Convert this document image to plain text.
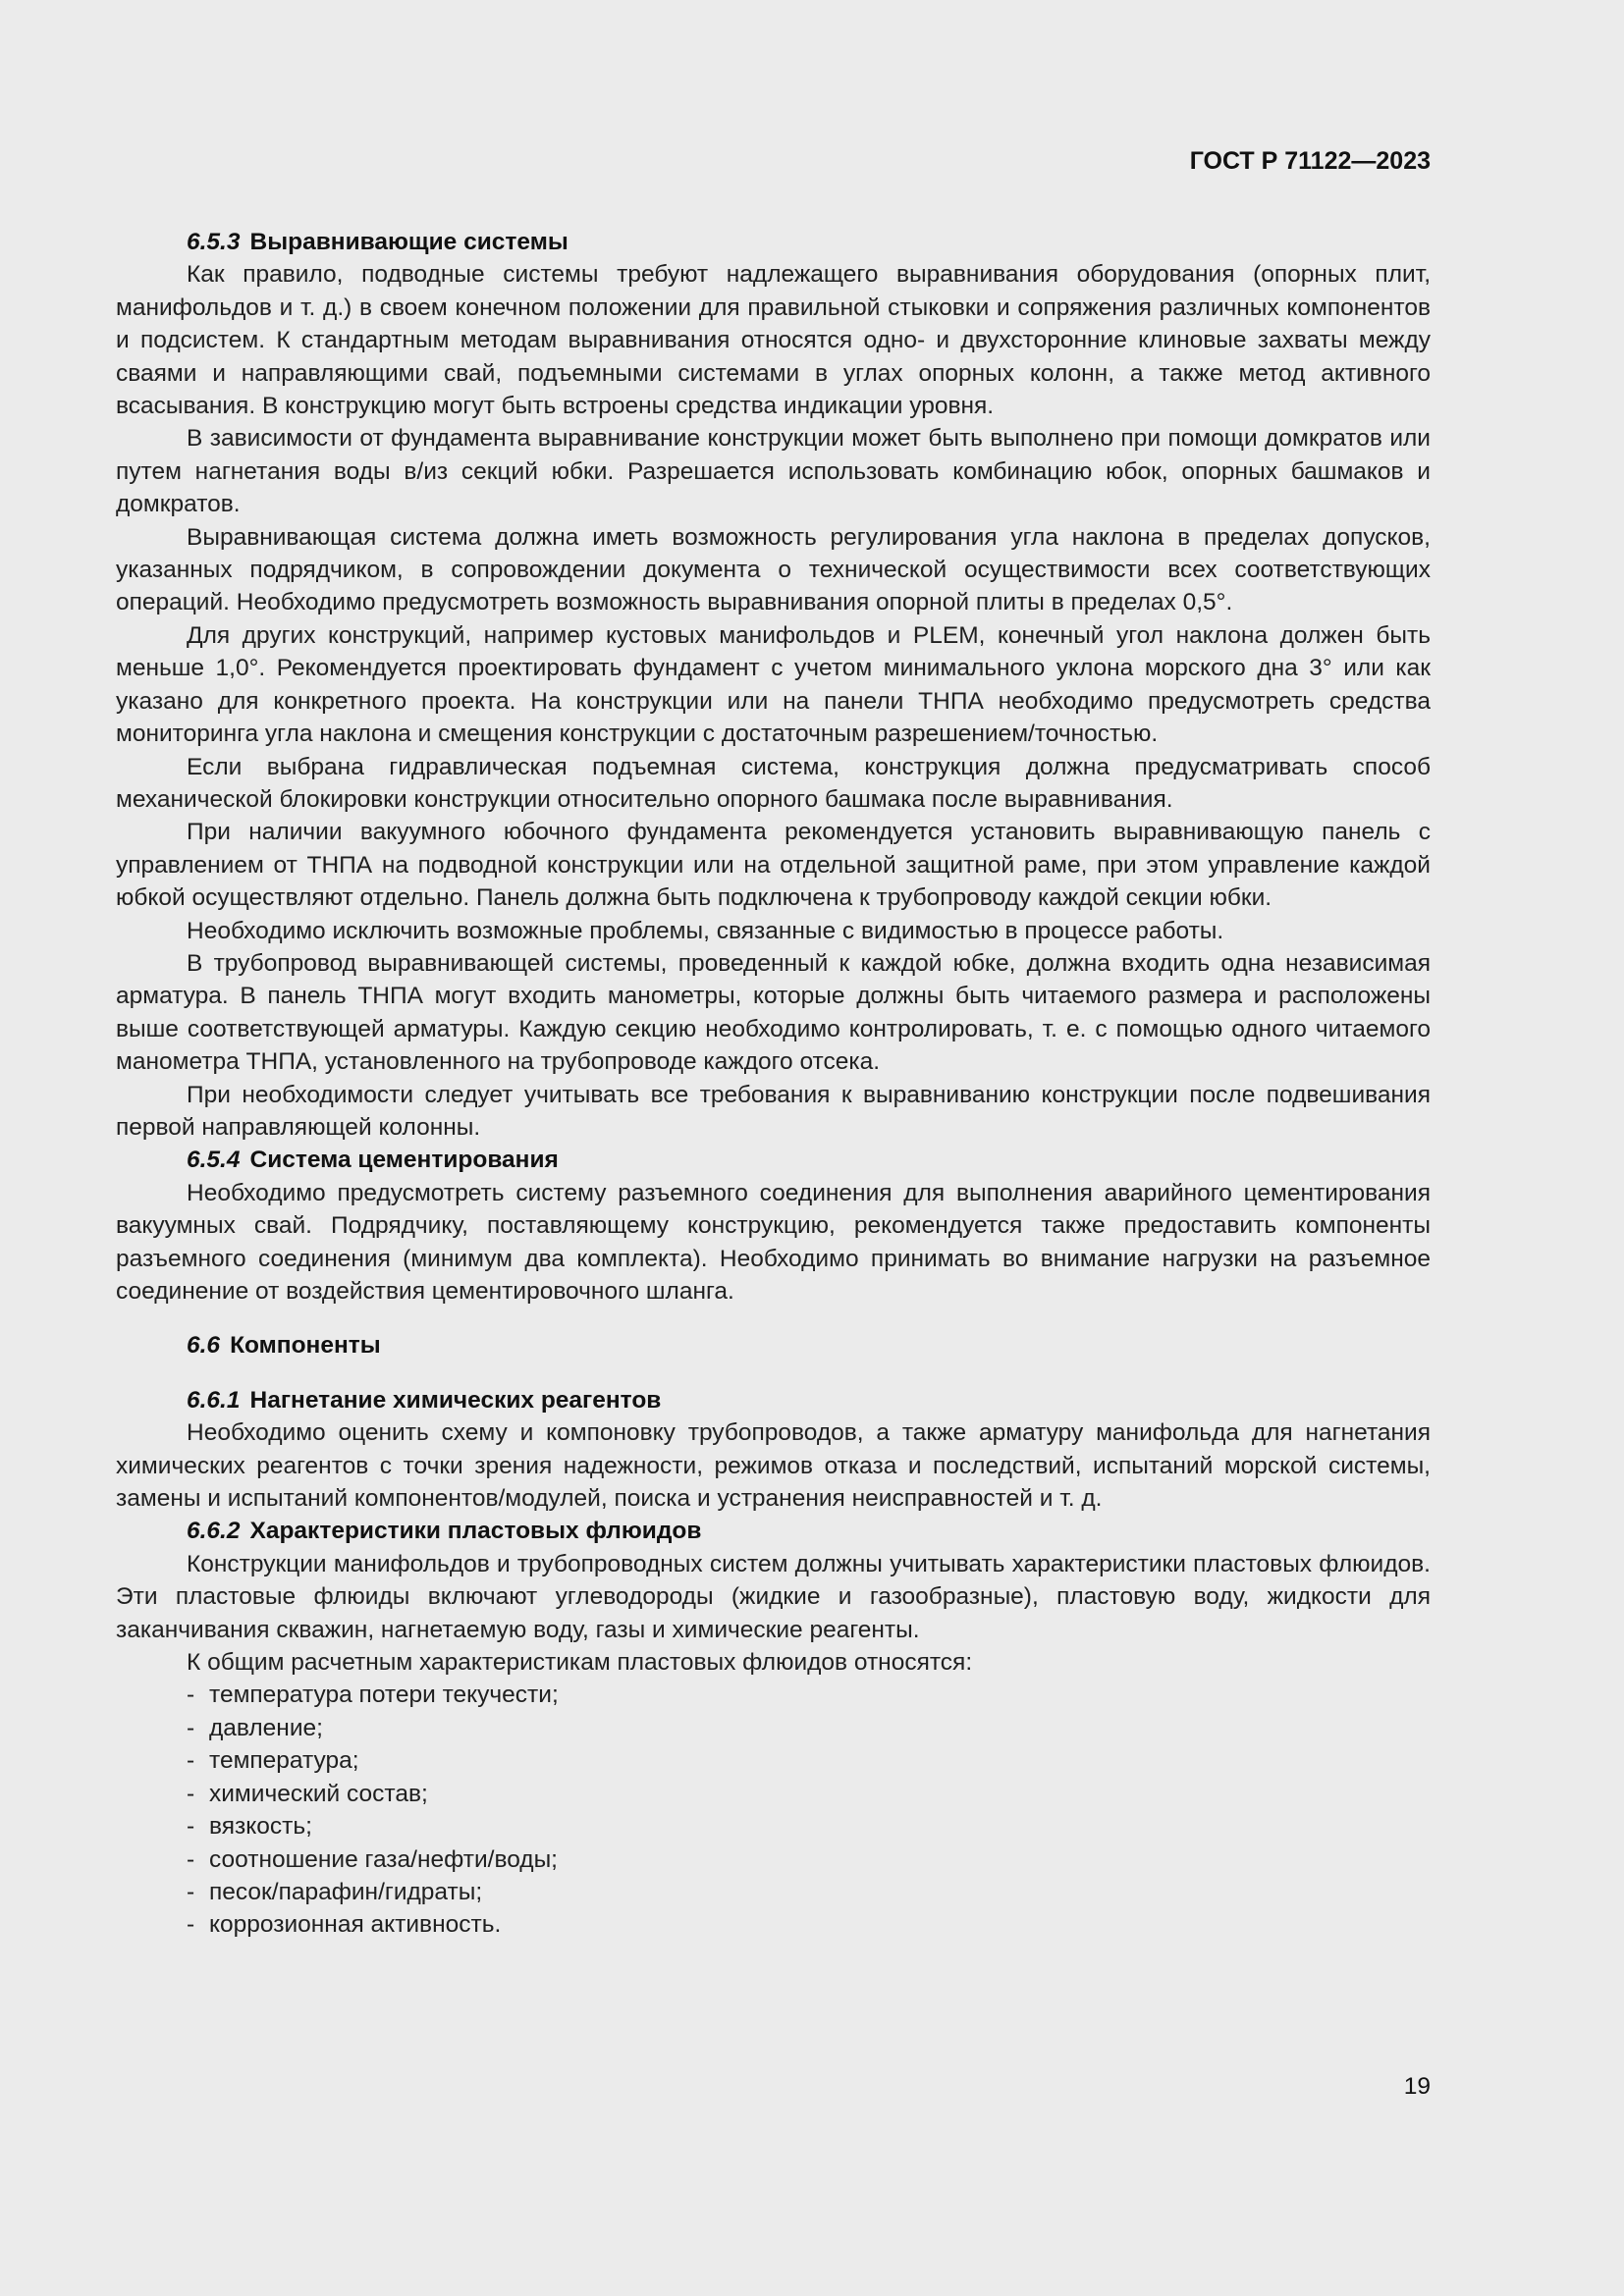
ГОСТ Р 71122—2023
6.5.3 Выравнивающие системы

Как правило, подводные системы требуют надлежащего выравнивания оборудования (опорных плит, манифольдов и т. д.) в своем конечном положении для правильной стыковки и сопряжения различных компонентов и подсистем. К стандартным методам выравнивания относятся одно- и двухсторонние клиновые захваты между сваями и направляющими свай, подъемными системами в углах опорных колонн, а также метод активного всасывания. В конструкцию могут быть встроены средства индикации уровня.

В зависимости от фундамента выравнивание конструкции может быть выполнено при помощи домкратов или путем нагнетания воды в/из секций юбки. Разрешается использовать комбинацию юбок, опорных башмаков и домкратов.

Выравнивающая система должна иметь возможность регулирования угла наклона в пределах допусков, указанных подрядчиком, в сопровождении документа о технической осуществимости всех соответствующих операций. Необходимо предусмотреть возможность выравнивания опорной плиты в пределах 0,5°.

Для других конструкций, например кустовых манифольдов и PLEM, конечный угол наклона должен быть меньше 1,0°. Рекомендуется проектировать фундамент с учетом минимального уклона морского дна 3° или как указано для конкретного проекта. На конструкции или на панели ТНПА необходимо предусмотреть средства мониторинга угла наклона и смещения конструкции с достаточным разрешением/точностью.

Если выбрана гидравлическая подъемная система, конструкция должна предусматривать способ механической блокировки конструкции относительно опорного башмака после выравнивания.

При наличии вакуумного юбочного фундамента рекомендуется установить выравнивающую панель с управлением от ТНПА на подводной конструкции или на отдельной защитной раме, при этом управление каждой юбкой осуществляют отдельно. Панель должна быть подключена к трубопроводу каждой секции юбки.

Необходимо исключить возможные проблемы, связанные с видимостью в процессе работы.

В трубопровод выравнивающей системы, проведенный к каждой юбке, должна входить одна независимая арматура. В панель ТНПА могут входить манометры, которые должны быть читаемого размера и расположены выше соответствующей арматуры. Каждую секцию необходимо контролировать, т. е. с помощью одного читаемого манометра ТНПА, установленного на трубопроводе каждого отсека.

При необходимости следует учитывать все требования к выравниванию конструкции после подвешивания первой направляющей колонны.

6.5.4 Система цементирования

Необходимо предусмотреть систему разъемного соединения для выполнения аварийного цементирования вакуумных свай. Подрядчику, поставляющему конструкцию, рекомендуется также предоставить компоненты разъемного соединения (минимум два комплекта). Необходимо принимать во внимание нагрузки на разъемное соединение от воздействия цементировочного шланга.

6.6 Компоненты
6.6.1 Нагнетание химических реагентов

Необходимо оценить схему и компоновку трубопроводов, а также арматуру манифольда для нагнетания химических реагентов с точки зрения надежности, режимов отказа и последствий, испытаний морской системы, замены и испытаний компонентов/модулей, поиска и устранения неисправностей и т. д.

6.6.2 Характеристики пластовых флюидов

Конструкции манифольдов и трубопроводных систем должны учитывать характеристики пластовых флюидов. Эти пластовые флюиды включают углеводороды (жидкие и газообразные), пластовую воду, жидкости для заканчивания скважин, нагнетаемую воду, газы и химические реагенты.

К общим расчетным характеристикам пластовых флюидов относятся:

- температура потери текучести;
- давление;
- температура;
- химический состав;
- вязкость;
- соотношение газа/нефти/воды;
- песок/парафин/гидраты;
- коррозионная активность.
19
